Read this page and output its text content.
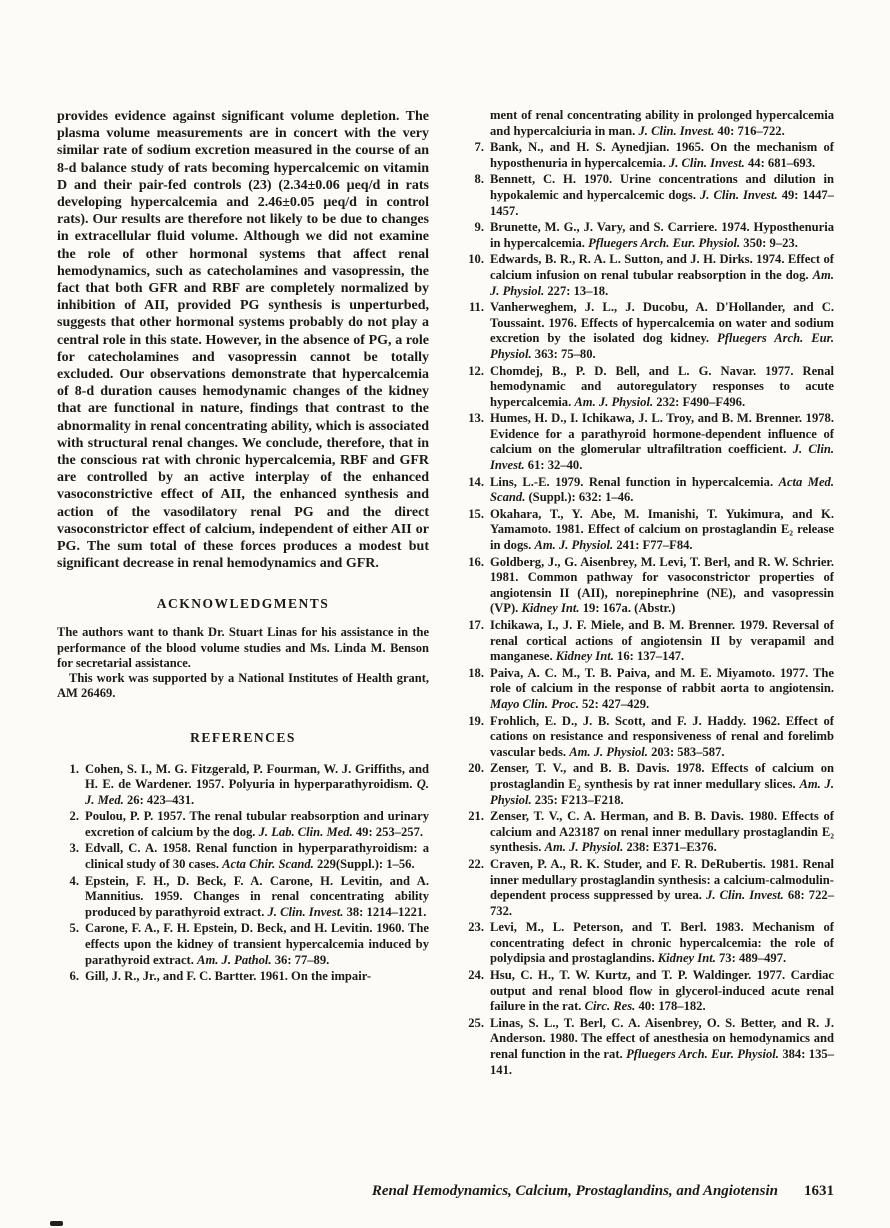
provides evidence against significant volume depletion. The plasma volume measurements are in concert with the very similar rate of sodium excretion measured in the course of an 8-d balance study of rats becoming hypercalcemic on vitamin D and their pair-fed controls (23) (2.34±0.06 μeq/d in rats developing hypercalcemia and 2.46±0.05 μeq/d in control rats). Our results are therefore not likely to be due to changes in extracellular fluid volume. Although we did not examine the role of other hormonal systems that affect renal hemodynamics, such as catecholamines and vasopressin, the fact that both GFR and RBF are completely normalized by inhibition of AII, provided PG synthesis is unperturbed, suggests that other hormonal systems probably do not play a central role in this state. However, in the absence of PG, a role for catecholamines and vasopressin cannot be totally excluded. Our observations demonstrate that hypercalcemia of 8-d duration causes hemodynamic changes of the kidney that are functional in nature, findings that contrast to the abnormality in renal concentrating ability, which is associated with structural renal changes. We conclude, therefore, that in the conscious rat with chronic hypercalcemia, RBF and GFR are controlled by an active interplay of the enhanced vasoconstrictive effect of AII, the enhanced synthesis and action of the vasodilatory renal PG and the direct vasoconstrictor effect of calcium, independent of either AII or PG. The sum total of these forces produces a modest but significant decrease in renal hemodynamics and GFR.

ACKNOWLEDGMENTS

The authors want to thank Dr. Stuart Linas for his assistance in the performance of the blood volume studies and Ms. Linda M. Benson for secretarial assistance.

This work was supported by a National Institutes of Health grant, AM 26469.

REFERENCES
1. Cohen, S. I., M. G. Fitzgerald, P. Fourman, W. J. Griffiths, and H. E. de Wardener. 1957. Polyuria in hyperparathyroidism. Q. J. Med. 26: 423–431.
2. Poulou, P. P. 1957. The renal tubular reabsorption and urinary excretion of calcium by the dog. J. Lab. Clin. Med. 49: 253–257.
3. Edvall, C. A. 1958. Renal function in hyperparathyroidism: a clinical study of 30 cases. Acta Chir. Scand. 229(Suppl.): 1–56.
4. Epstein, F. H., D. Beck, F. A. Carone, H. Levitin, and A. Mannitius. 1959. Changes in renal concentrating ability produced by parathyroid extract. J. Clin. Invest. 38: 1214–1221.
5. Carone, F. A., F. H. Epstein, D. Beck, and H. Levitin. 1960. The effects upon the kidney of transient hypercalcemia induced by parathyroid extract. Am. J. Pathol. 36: 77–89.
6. Gill, J. R., Jr., and F. C. Bartter. 1961. On the impair-

ment of renal concentrating ability in prolonged hypercalcemia and hypercalciuria in man. J. Clin. Invest. 40: 716–722.

7. Bank, N., and H. S. Aynedjian. 1965. On the mechanism of hyposthenuria in hypercalcemia. J. Clin. Invest. 44: 681–693.
8. Bennett, C. H. 1970. Urine concentrations and dilution in hypokalemic and hypercalcemic dogs. J. Clin. Invest. 49: 1447–1457.
9. Brunette, M. G., J. Vary, and S. Carriere. 1974. Hyposthenuria in hypercalcemia. Pfluegers Arch. Eur. Physiol. 350: 9–23.
10. Edwards, B. R., R. A. L. Sutton, and J. H. Dirks. 1974. Effect of calcium infusion on renal tubular reabsorption in the dog. Am. J. Physiol. 227: 13–18.
11. Vanherweghem, J. L., J. Ducobu, A. D'Hollander, and C. Toussaint. 1976. Effects of hypercalcemia on water and sodium excretion by the isolated dog kidney. Pfluegers Arch. Eur. Physiol. 363: 75–80.
12. Chomdej, B., P. D. Bell, and L. G. Navar. 1977. Renal hemodynamic and autoregulatory responses to acute hypercalcemia. Am. J. Physiol. 232: F490–F496.
13. Humes, H. D., I. Ichikawa, J. L. Troy, and B. M. Brenner. 1978. Evidence for a parathyroid hormone-dependent influence of calcium on the glomerular ultrafiltration coefficient. J. Clin. Invest. 61: 32–40.
14. Lins, L.-E. 1979. Renal function in hypercalcemia. Acta Med. Scand. (Suppl.): 632: 1–46.
15. Okahara, T., Y. Abe, M. Imanishi, T. Yukimura, and K. Yamamoto. 1981. Effect of calcium on prostaglandin E₂ release in dogs. Am. J. Physiol. 241: F77–F84.
16. Goldberg, J., G. Aisenbrey, M. Levi, T. Berl, and R. W. Schrier. 1981. Common pathway for vasoconstrictor properties of angiotensin II (AII), norepinephrine (NE), and vasopressin (VP). Kidney Int. 19: 167a. (Abstr.)
17. Ichikawa, I., J. F. Miele, and B. M. Brenner. 1979. Reversal of renal cortical actions of angiotensin II by verapamil and manganese. Kidney Int. 16: 137–147.
18. Paiva, A. C. M., T. B. Paiva, and M. E. Miyamoto. 1977. The role of calcium in the response of rabbit aorta to angiotensin. Mayo Clin. Proc. 52: 427–429.
19. Frohlich, E. D., J. B. Scott, and F. J. Haddy. 1962. Effect of cations on resistance and responsiveness of renal and forelimb vascular beds. Am. J. Physiol. 203: 583–587.
20. Zenser, T. V., and B. B. Davis. 1978. Effects of calcium on prostaglandin E₂ synthesis by rat inner medullary slices. Am. J. Physiol. 235: F213–F218.
21. Zenser, T. V., C. A. Herman, and B. B. Davis. 1980. Effects of calcium and A23187 on renal inner medullary prostaglandin E₂ synthesis. Am. J. Physiol. 238: E371–E376.
22. Craven, P. A., R. K. Studer, and F. R. DeRubertis. 1981. Renal inner medullary prostaglandin synthesis: a calcium-calmodulin-dependent process suppressed by urea. J. Clin. Invest. 68: 722–732.
23. Levi, M., L. Peterson, and T. Berl. 1983. Mechanism of concentrating defect in chronic hypercalcemia: the role of polydipsia and prostaglandins. Kidney Int. 73: 489–497.
24. Hsu, C. H., T. W. Kurtz, and T. P. Waldinger. 1977. Cardiac output and renal blood flow in glycerol-induced acute renal failure in the rat. Circ. Res. 40: 178–182.
25. Linas, S. L., T. Berl, C. A. Aisenbrey, O. S. Better, and R. J. Anderson. 1980. The effect of anesthesia on hemodynamics and renal function in the rat. Pfluegers Arch. Eur. Physiol. 384: 135–141.
Renal Hemodynamics, Calcium, Prostaglandins, and Angiotensin 1631
